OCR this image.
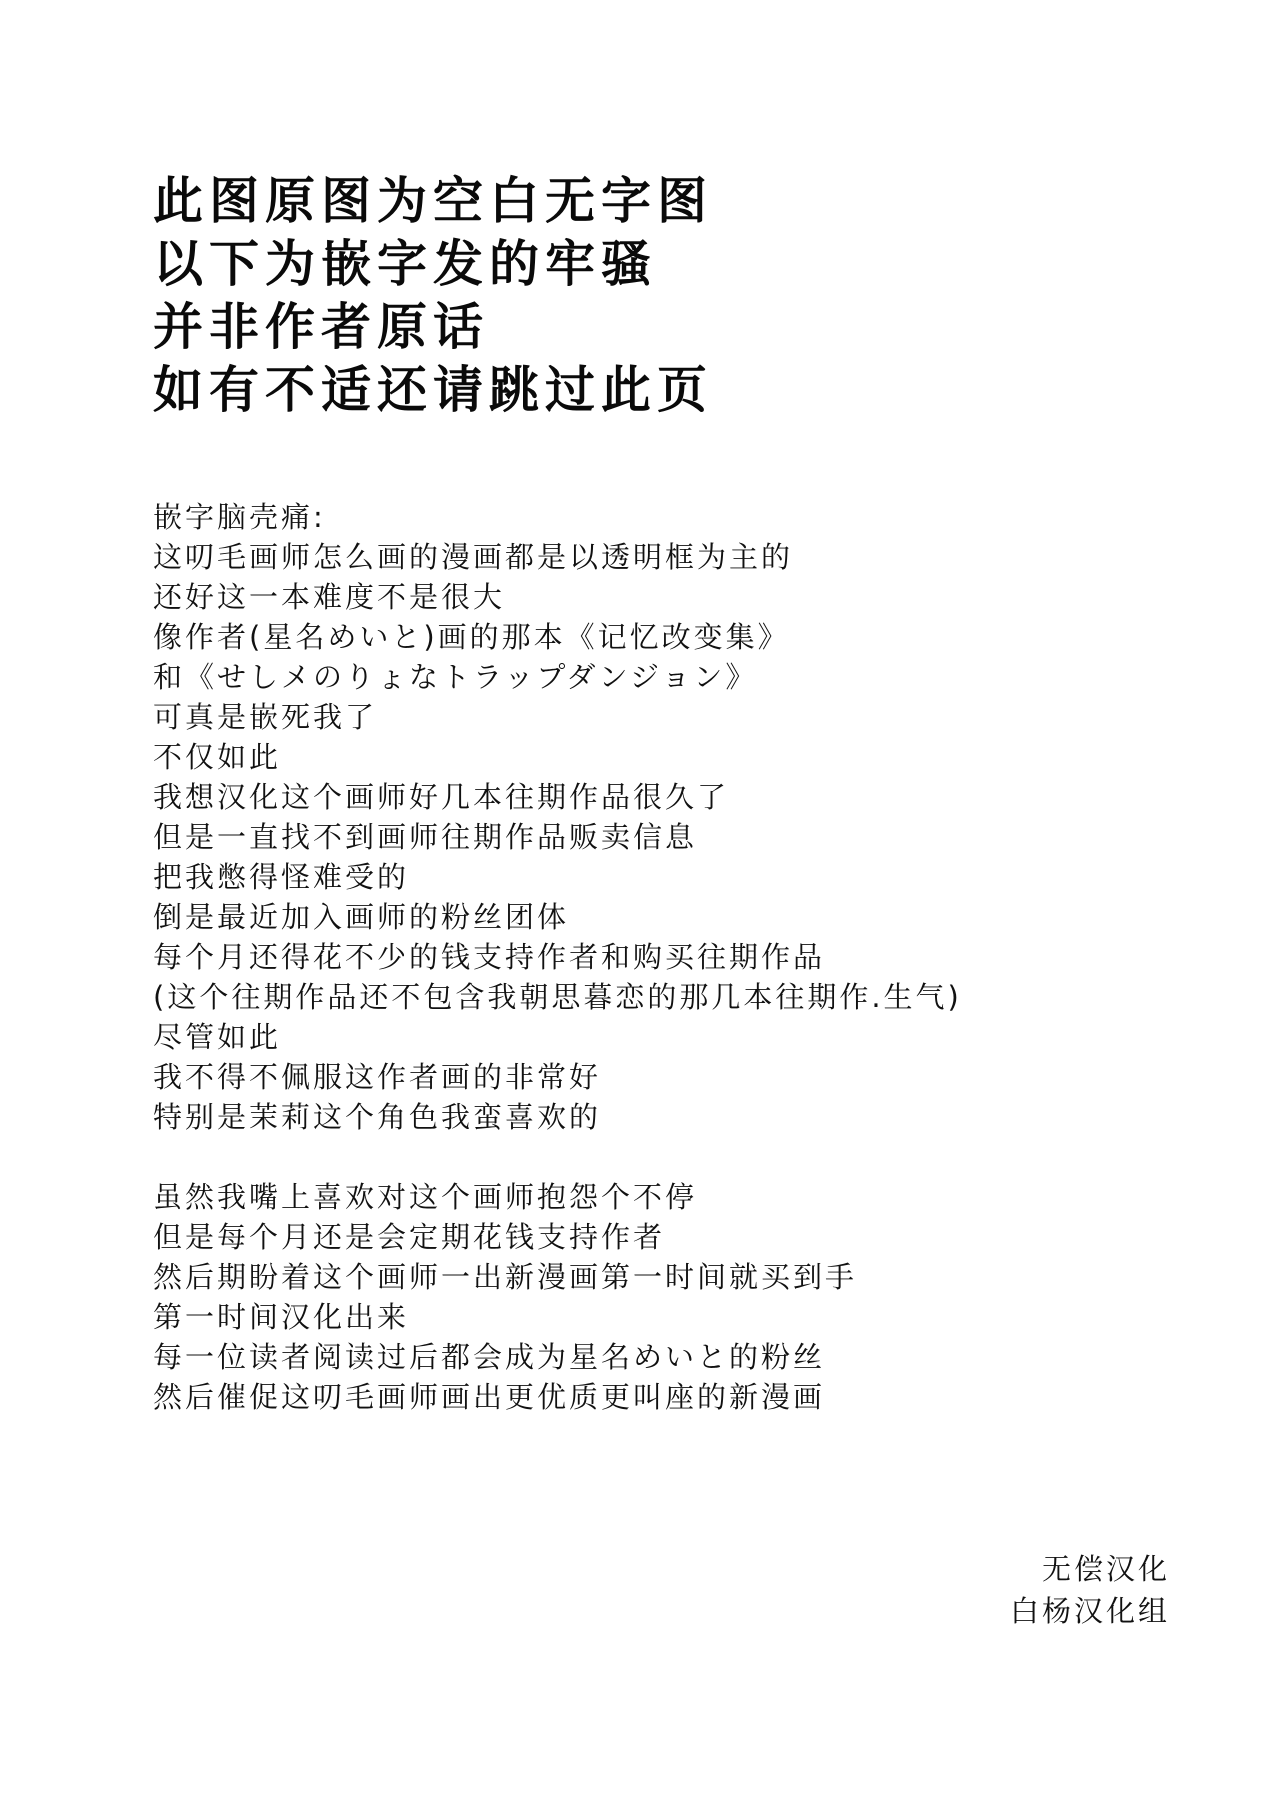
此图原图为空白无字图
以下为嵌字发的牢骚
并非作者原话
如有不适还请跳过此页
嵌字脑壳痛:
这叨毛画师怎么画的漫画都是以透明框为主的
还好这一本难度不是很大
像作者(星名めいと)画的那本《记忆改变集》
和《せしメのりょなトラップダンジョン》
可真是嵌死我了
不仅如此
我想汉化这个画师好几本往期作品很久了
但是一直找不到画师往期作品贩卖信息
把我憋得怪难受的
倒是最近加入画师的粉丝团体
每个月还得花不少的钱支持作者和购买往期作品
(这个往期作品还不包含我朝思暮恋的那几本往期作.生气)
尽管如此
我不得不佩服这作者画的非常好
特别是茉莉这个角色我蛮喜欢的
虽然我嘴上喜欢对这个画师抱怨个不停
但是每个月还是会定期花钱支持作者
然后期盼着这个画师一出新漫画第一时间就买到手
第一时间汉化出来
每一位读者阅读过后都会成为星名めいと的粉丝
然后催促这叨毛画师画出更优质更叫座的新漫画
无偿汉化
白杨汉化组
